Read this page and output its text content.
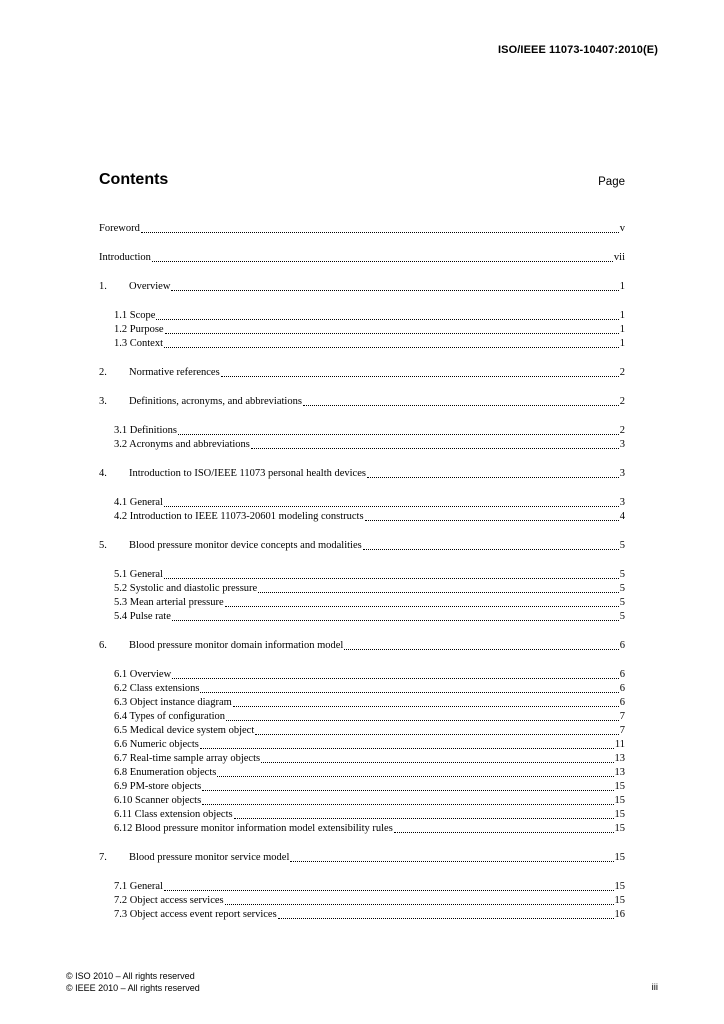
ISO/IEEE 11073-10407:2010(E)
Contents	Page
Foreword	v
Introduction	vii
1.	Overview	1
1.1 Scope	1
1.2 Purpose	1
1.3 Context	1
2.	Normative references	2
3.	Definitions, acronyms, and abbreviations	2
3.1 Definitions	2
3.2 Acronyms and abbreviations	3
4.	Introduction to ISO/IEEE 11073 personal health devices	3
4.1 General	3
4.2 Introduction to IEEE 11073-20601 modeling constructs	4
5.	Blood pressure monitor device concepts and modalities	5
5.1 General	5
5.2 Systolic and diastolic pressure	5
5.3 Mean arterial pressure	5
5.4 Pulse rate	5
6.	Blood pressure monitor domain information model	6
6.1 Overview	6
6.2 Class extensions	6
6.3 Object instance diagram	6
6.4 Types of configuration	7
6.5 Medical device system object	7
6.6 Numeric objects	11
6.7 Real-time sample array objects	13
6.8 Enumeration objects	13
6.9 PM-store objects	15
6.10 Scanner objects	15
6.11 Class extension objects	15
6.12 Blood pressure monitor information model extensibility rules	15
7.	Blood pressure monitor service model	15
7.1 General	15
7.2 Object access services	15
7.3 Object access event report services	16
© ISO 2010 – All rights reserved
© IEEE 2010 – All rights reserved	iii
